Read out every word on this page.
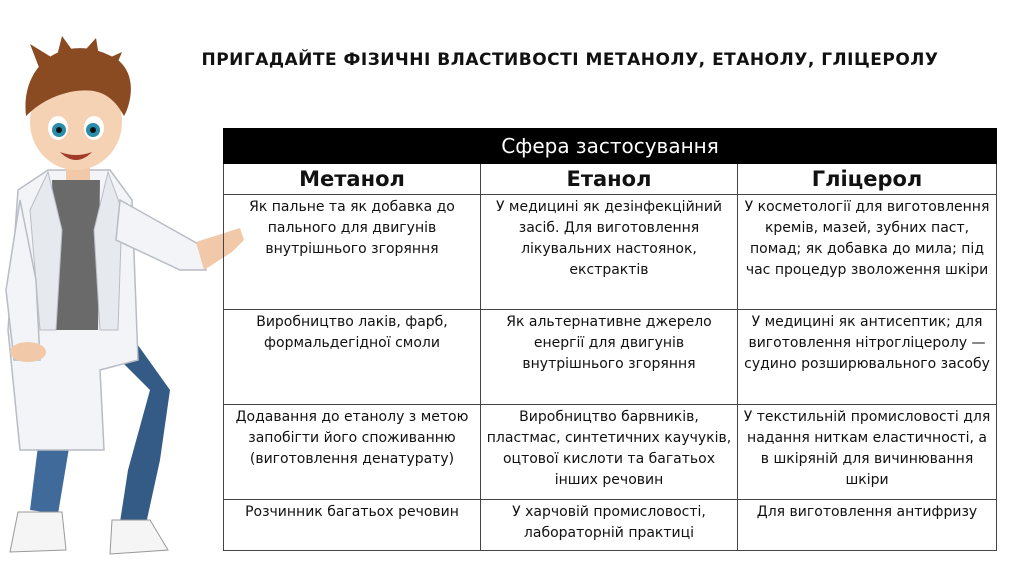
ПРИГАДАЙТЕ ФІЗИЧНІ ВЛАСТИВОСТІ МЕТАНОЛУ, ЕТАНОЛУ, ГЛІЦЕРОЛУ
Сфера застосування		
Метанол	Етанол	Гліцерол
Як пальне та як добавка до пального для двигунів внутрішнього згоряння	У медицині як дезінфекційний засіб. Для виготовлення лікувальних настоянок, екстрактів	У косметології для виготовлення кремів, мазей, зубних паст, помад; як добавка до мила; під час процедур зволоження шкіри
Виробництво лаків, фарб, формальдегідної смоли	Як альтернативне джерело енергії для двигунів внутрішнього згоряння	У медицині як антисептик; для виготовлення нітрогліцеролу — судино розширювального засобу
Додавання до етанолу з метою запобігти його споживанню (виготовлення денатурату)	Виробництво барвників, пластмас, синтетичних каучуків, оцтової кислоти та багатьох інших речовин	У текстильній промисловості для надання ниткам еластичності, а в шкіряній для вичинювання шкіри
Розчинник багатьох речовин	У харчовій промисловості, лабораторній практиці	Для виготовлення антифризу
